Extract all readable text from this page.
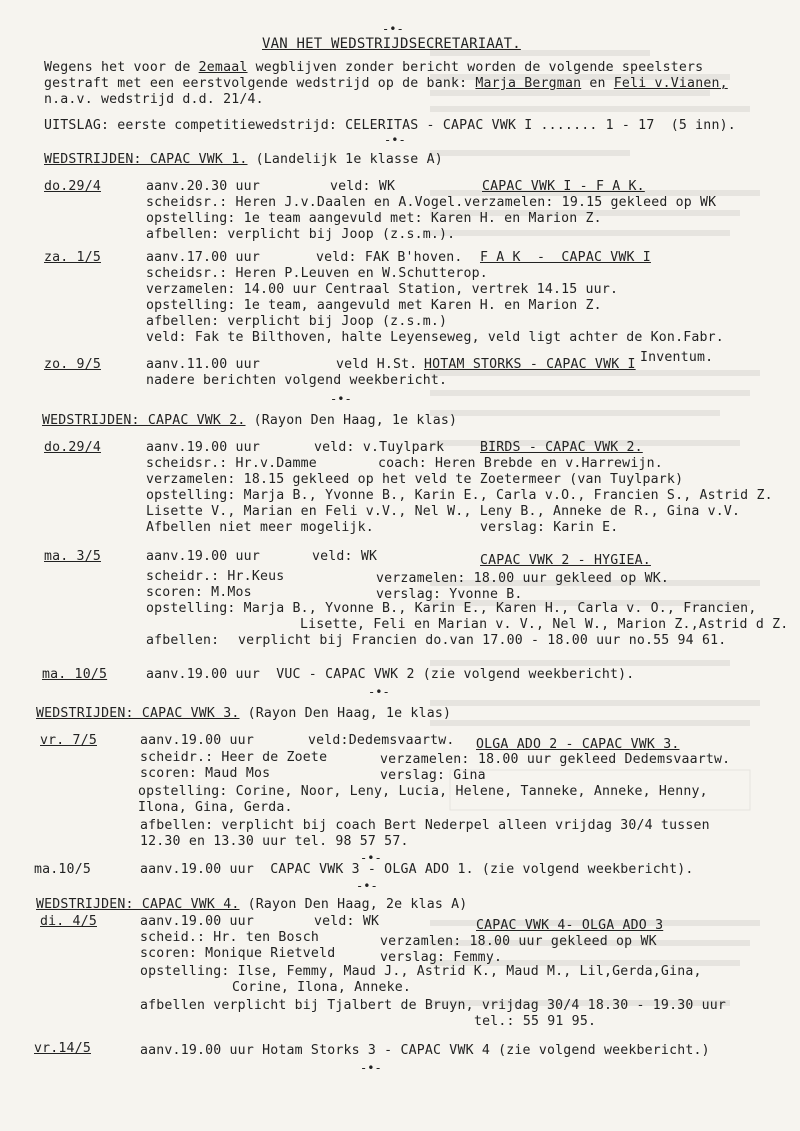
VAN HET WEDSTRIJDSECRETARIAAT.
Wegens het voor de 2emaal wegblijven zonder bericht worden de volgende speelsters
gestraft met een eerstvolgende wedstrijd op de bank: Marja Bergman en Feli v.Vianen,
n.a.v. wedstrijd d.d. 21/4.
-•-
UITSLAG: eerste competitiewedstrijd: CELERITAS - CAPAC VWK I ....... 1 - 17  (5 inn).
-•-
WEDSTRIJDEN: CAPAC VWK 1. (Landelijk 1e klasse A)
do.29/4	aanv.20.30 uur	veld: WK	CAPAC VWK I - F A K.
scheidsr.: Heren J.v.Daalen en A.Vogel. verzamelen: 19.15 gekleed op WK
opstelling: 1e team aangevuld met: Karen H. en Marion Z.
afbellen: verplicht bij Joop (z.s.m.).
za. 1/5	aanv.17.00 uur	veld: FAK B'hoven. F A K  -  CAPAC VWK I
scheidsr.: Heren P.Leuven en W.Schutterop.
verzamelen: 14.00 uur Centraal Station, vertrek 14.15 uur.
opstelling: 1e team, aangevuld met Karen H. en Marion Z.
afbellen: verplicht bij Joop (z.s.m.)
veld: Fak te Bilthoven, halte Leyenseweg, veld ligt achter de Kon.Fabr.
Inventum.
zo. 9/5	aanv.11.00 uur	veld H.St. HOTAM STORKS - CAPAC VWK I
nadere berichten volgend weekbericht.
-•-
WEDSTRIJDEN: CAPAC VWK 2. (Rayon Den Haag, 1e klas)
do.29/4	aanv.19.00 uur	veld: v.Tuylpark	BIRDS - CAPAC VWK 2.
scheidsr.: Hr.v.Damme	coach: Heren Brebde en v.Harrewijn.
verzamelen: 18.15 gekleed op het veld te Zoetermeer (van Tuylpark)
opstelling: Marja B., Yvonne B., Karin E., Carla v.O., Francien S., Astrid Z.
Lisette V., Marian en Feli v.V., Nel W., Leny B., Anneke de R., Gina v.V.
Afbellen niet meer mogelijk.	verslag: Karin E.
ma. 3/5	aanv.19.00 uur	veld: WK	CAPAC VWK 2 - HYGIEA.
scheidr.: Hr.Keus	verzamelen: 18.00 uur gekleed op WK.
scoren: M.Mos	verslag: Yvonne B.
opstelling: Marja B., Yvonne B., Karin E., Karen H., Carla v. O., Francien,
Lisette, Feli en Marian v. V., Nel W., Marion Z.,Astrid d Z.
afbellen: verplicht bij Francien do.van 17.00 - 18.00 uur no.55 94 61.
ma. 10/5	aanv.19.00 uur  VUC - CAPAC VWK 2 (zie volgend weekbericht).
-•-
WEDSTRIJDEN: CAPAC VWK 3. (Rayon Den Haag, 1e klas)
vr. 7/5	aanv.19.00 uur	veld:Dedemsvaartw. OLGA ADO 2 - CAPAC VWK 3.
scheidr.: Heer de Zoete	verzamelen: 18.00 uur gekleed Dedemsvaartw.
scoren: Maud Mos	verslag: Gina
opstelling: Corine, Noor, Leny, Lucia, Helene, Tanneke, Anneke, Henny,
Ilona, Gina, Gerda.
afbellen: verplicht bij coach Bert Nederpel alleen vrijdag 30/4 tussen
12.30 en 13.30 uur tel. 98 57 57.
-•-
ma.10/5	aanv.19.00 uur  CAPAC VWK 3 - OLGA ADO 1. (zie volgend weekbericht).
-•-
WEDSTRIJDEN: CAPAC VWK 4. (Rayon Den Haag, 2e klas A)
di. 4/5	aanv.19.00 uur	veld: WK	CAPAC VWK 4- OLGA ADO 3
scheid.: Hr. ten Bosch	verzamlen: 18.00 uur gekleed op WK
scoren: Monique Rietveld	verslag: Femmy.
opstelling: Ilse, Femmy, Maud J., Astrid K., Maud M., Lil,Gerda,Gina,
Corine, Ilona, Anneke.
afbellen verplicht bij Tjalbert de Bruyn, vrijdag 30/4 18.30 - 19.30 uur
tel.: 55 91 95.
vr.14/5	aanv.19.00 uur Hotam Storks 3 - CAPAC VWK 4 (zie volgend weekbericht.)
-•-
